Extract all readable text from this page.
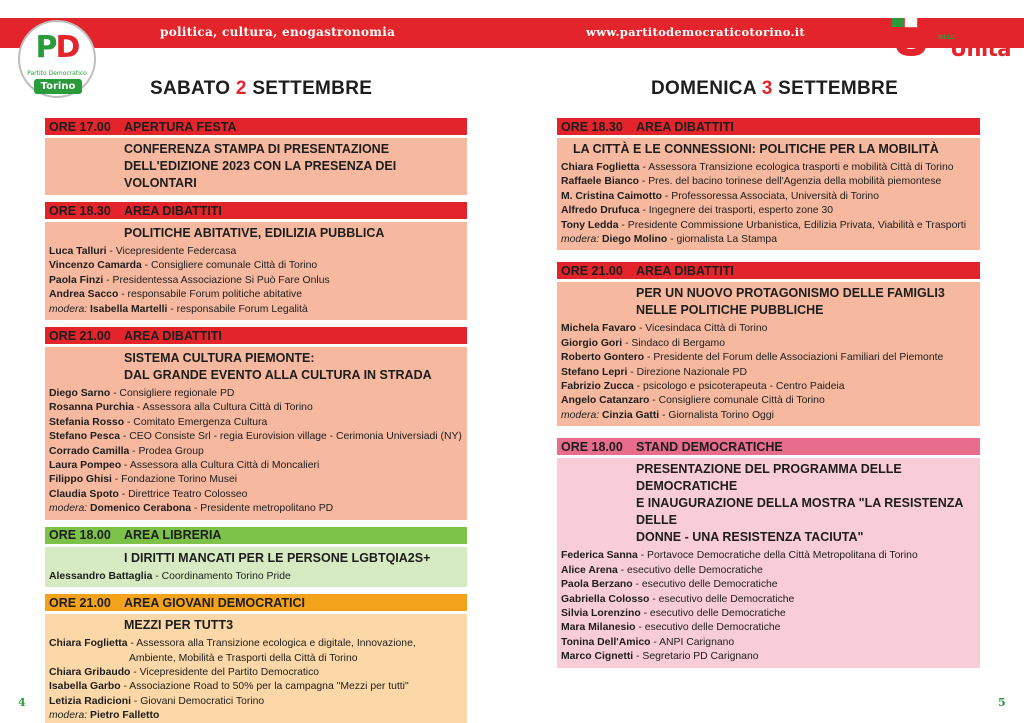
politica, cultura, enogastronomia	www.partitodemocraticotorino.it
PD
Partito Democratico
Torino
FESTA
DELL'
Unità
SABATO 2 SETTEMBRE	DOMENICA 3 SETTEMBRE
ORE 17.00	APERTURA FESTA
CONFERENZA STAMPA DI PRESENTAZIONE
DELL'EDIZIONE 2023 CON LA PRESENZA DEI VOLONTARI
ORE 18.30	AREA DIBATTITI
POLITICHE ABITATIVE, EDILIZIA PUBBLICA
Luca Talluri - Vicepresidente Federcasa
Vincenzo Camarda - Consigliere comunale Città di Torino
Paola Finzi - Presidentessa Associazione Si Può Fare Onlus
Andrea Sacco - responsabile Forum politiche abitative
modera: Isabella Martelli - responsabile Forum Legalità
ORE 21.00	AREA DIBATTITI
SISTEMA CULTURA PIEMONTE:
DAL GRANDE EVENTO ALLA CULTURA IN STRADA
Diego Sarno - Consigliere regionale PD
Rosanna Purchia - Assessora alla Cultura Città di Torino
Stefania Rosso - Comitato Emergenza Cultura
Stefano Pesca - CEO Consiste Srl - regia Eurovision village - Cerimonia Universiadi (NY)
Corrado Camilla - Prodea Group
Laura Pompeo - Assessora alla Cultura Città di Moncalieri
Filippo Ghisi - Fondazione Torino Musei
Claudia Spoto - Direttrice Teatro Colosseo
modera: Domenico Cerabona - Presidente metropolitano PD
ORE 18.00	AREA LIBRERIA
I DIRITTI MANCATI PER LE PERSONE LGBTQIA2S+
Alessandro Battaglia - Coordinamento Torino Pride
ORE 21.00	AREA GIOVANI DEMOCRATICI
MEZZI PER TUTT3
Chiara Foglietta - Assessora alla Transizione ecologica e digitale, Innovazione,
Ambiente, Mobilità e Trasporti della Città di Torino
Chiara Gribaudo - Vicepresidente del Partito Democratico
Isabella Garbo - Associazione Road to 50% per la campagna "Mezzi per tutti"
Letizia Radicioni - Giovani Democratici Torino
modera: Pietro Falletto
ORE 18.30	AREA DIBATTITI
LA CITTÀ E LE CONNESSIONI: POLITICHE PER LA MOBILITÀ
Chiara Foglietta - Assessora Transizione ecologica trasporti e mobilità Città di Torino
Raffaele Bianco - Pres. del bacino torinese dell'Agenzia della mobilità piemontese
M. Cristina Caimotto - Professoressa Associata, Università di Torino
Alfredo Drufuca - Ingegnere dei trasporti, esperto zone 30
Tony Ledda - Presidente Commissione Urbanistica, Edilizia Privata, Viabilità e Trasporti
modera: Diego Molino - giornalista La Stampa
ORE 21.00	AREA DIBATTITI
PER UN NUOVO PROTAGONISMO DELLE FAMIGLI3
NELLE POLITICHE PUBBLICHE
Michela Favaro - Vicesindaca Città di Torino
Giorgio Gori - Sindaco di Bergamo
Roberto Gontero - Presidente del Forum delle Associazioni Familiari del Piemonte
Stefano Lepri - Direzione Nazionale PD
Fabrizio Zucca - psicologo e psicoterapeuta - Centro Paideia
Angelo Catanzaro - Consigliere comunale Città di Torino
modera: Cinzia Gatti - Giornalista Torino Oggi
ORE 18.00	STAND DEMOCRATICHE
PRESENTAZIONE DEL PROGRAMMA DELLE DEMOCRATICHE
E INAUGURAZIONE DELLA MOSTRA "LA RESISTENZA DELLE
DONNE - UNA RESISTENZA TACIUTA"
Federica Sanna - Portavoce Democratiche della Città Metropolitana di Torino
Alice Arena - esecutivo delle Democratiche
Paola Berzano - esecutivo delle Democratiche
Gabriella Colosso - esecutivo delle Democratiche
Silvia Lorenzino - esecutivo delle Democratiche
Mara Milanesio - esecutivo delle Democratiche
Tonina Dell'Amico - ANPI Carignano
Marco Cignetti - Segretario PD Carignano
4	5
